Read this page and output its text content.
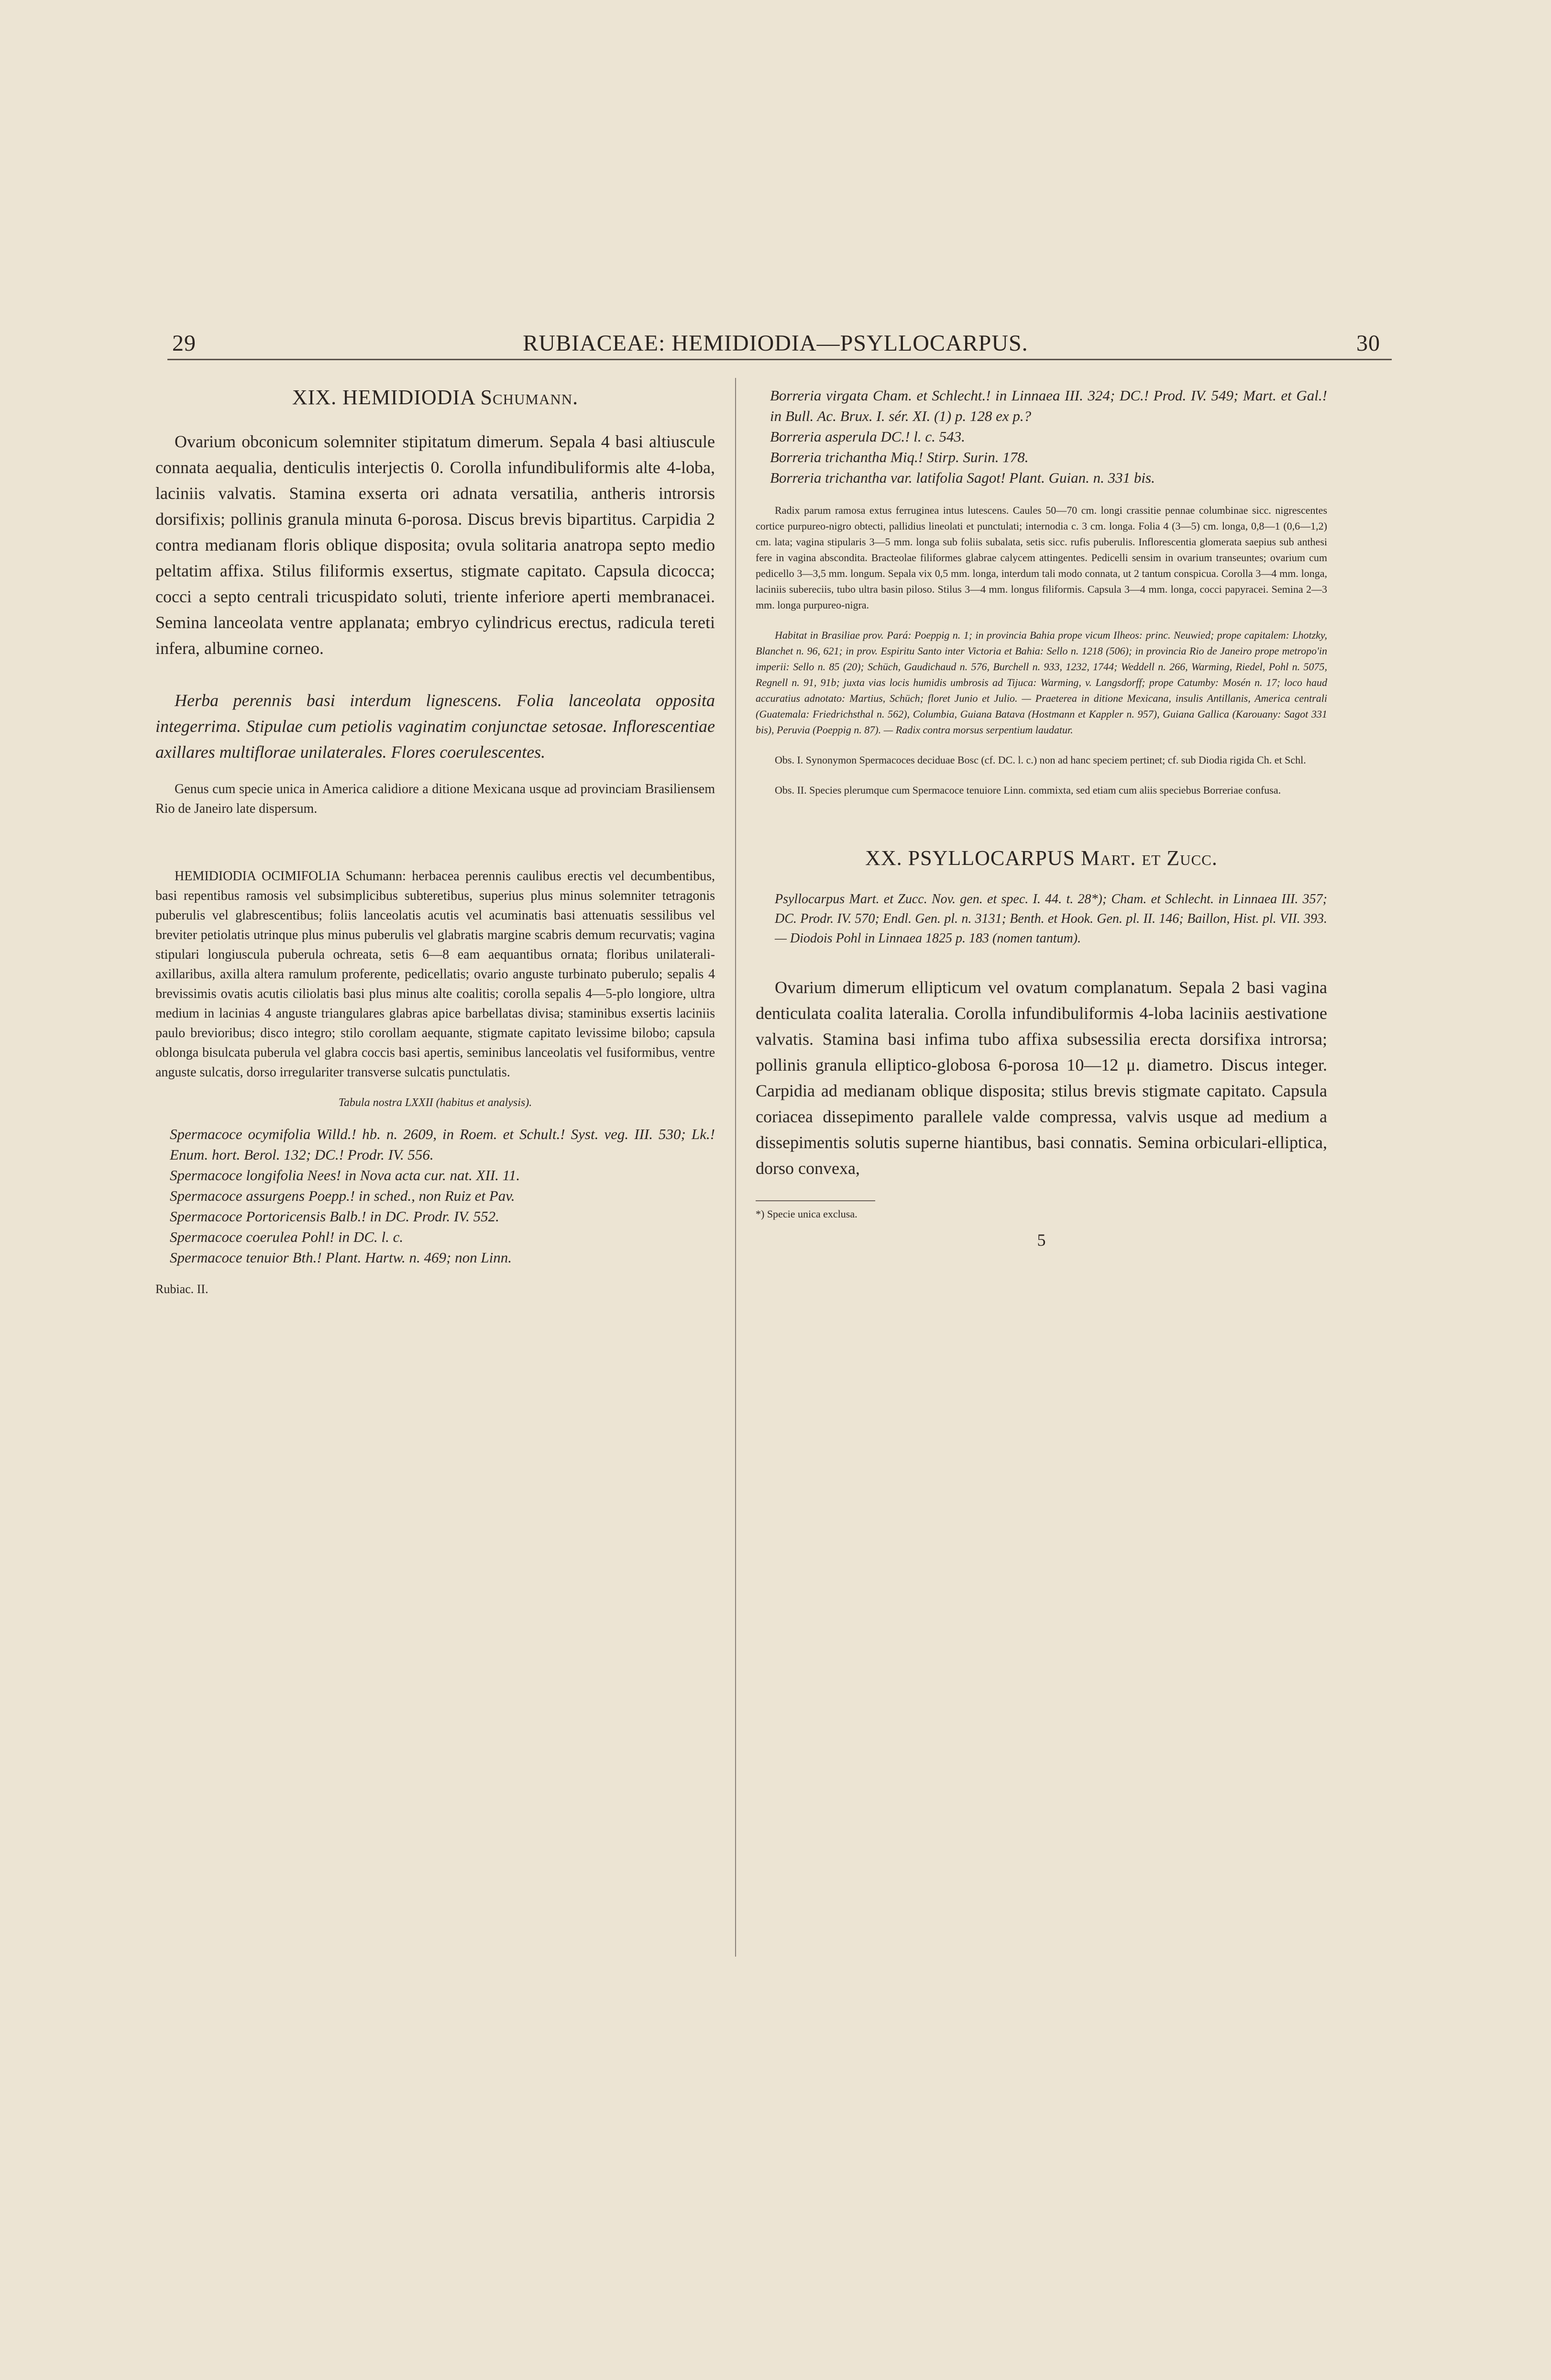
29	RUBIACEAE: HEMIDIODIA—PSYLLOCARPUS.	30
XIX. HEMIDIODIA Schumann.

Ovarium obconicum solemniter stipitatum dimerum. Sepala 4 basi altiuscule connata aequalia, denticulis interjectis 0. Corolla infundibuliformis alte 4-loba, laciniis valvatis. Stamina exserta ori adnata versatilia, antheris introrsis dorsifixis; pollinis granula minuta 6-porosa. Discus brevis bipartitus. Carpidia 2 contra medianam floris oblique disposita; ovula solitaria anatropa septo medio peltatim affixa. Stilus filiformis exsertus, stigmate capitato. Capsula dicocca; cocci a septo centrali tricuspidato soluti, triente inferiore aperti membranacei. Semina lanceolata ventre applanata; embryo cylindricus erectus, radicula tereti infera, albumine corneo.

Herba perennis basi interdum lignescens. Folia lanceolata opposita integerrima. Stipulae cum petiolis vaginatim conjunctae setosae. Inflorescentiae axillares multiflorae unilaterales. Flores coerulescentes.

Genus cum specie unica in America calidiore a ditione Mexicana usque ad provinciam Brasiliensem Rio de Janeiro late dispersum.

HEMIDIODIA OCIMIFOLIA Schumann: herbacea perennis caulibus erectis vel decumbentibus, basi repentibus ramosis vel subsimplicibus subteretibus, superius plus minus solemniter tetragonis puberulis vel glabrescentibus; foliis lanceolatis acutis vel acuminatis basi attenuatis sessilibus vel breviter petiolatis utrinque plus minus puberulis vel glabratis margine scabris demum recurvatis; vagina stipulari longiuscula puberula ochreata, setis 6—8 eam aequantibus ornata; floribus unilaterali-axillaribus, axilla altera ramulum proferente, pedicellatis; ovario anguste turbinato puberulo; sepalis 4 brevissimis ovatis acutis ciliolatis basi plus minus alte coalitis; corolla sepalis 4—5-plo longiore, ultra medium in lacinias 4 anguste triangulares glabras apice barbellatas divisa; staminibus exsertis laciniis paulo brevioribus; disco integro; stilo corollam aequante, stigmate capitato levissime bilobo; capsula oblonga bisulcata puberula vel glabra coccis basi apertis, seminibus lanceolatis vel fusiformibus, ventre anguste sulcatis, dorso irregulariter transverse sulcatis punctulatis.

Tabula nostra LXXII (habitus et analysis).

Spermacoce ocymifolia Willd.! hb. n. 2609, in Roem. et Schult.! Syst. veg. III. 530; Lk.! Enum. hort. Berol. 132; DC.! Prodr. IV. 556.

Spermacoce longifolia Nees! in Nova acta cur. nat. XII. 11.

Spermacoce assurgens Poepp.! in sched., non Ruiz et Pav.

Spermacoce Portoricensis Balb.! in DC. Prodr. IV. 552.

Spermacoce coerulea Pohl! in DC. l. c.

Spermacoce tenuior Bth.! Plant. Hartw. n. 469; non Linn.

Rubiac. II.

Borreria virgata Cham. et Schlecht.! in Linnaea III. 324; DC.! Prod. IV. 549; Mart. et Gal.! in Bull. Ac. Brux. I. sér. XI. (1) p. 128 ex p.?

Borreria asperula DC.! l. c. 543.

Borreria trichantha Miq.! Stirp. Surin. 178.

Borreria trichantha var. latifolia Sagot! Plant. Guian. n. 331 bis.

Radix parum ramosa extus ferruginea intus lutescens. Caules 50—70 cm. longi crassitie pennae columbinae sicc. nigrescentes cortice purpureo-nigro obtecti, pallidius lineolati et punctulati; internodia c. 3 cm. longa. Folia 4 (3—5) cm. longa, 0,8—1 (0,6—1,2) cm. lata; vagina stipularis 3—5 mm. longa sub foliis subalata, setis sicc. rufis puberulis. Inflorescentia glomerata saepius sub anthesi fere in vagina abscondita. Bracteolae filiformes glabrae calycem attingentes. Pedicelli sensim in ovarium transeuntes; ovarium cum pedicello 3—3,5 mm. longum. Sepala vix 0,5 mm. longa, interdum tali modo connata, ut 2 tantum conspicua. Corolla 3—4 mm. longa, laciniis subereciis, tubo ultra basin piloso. Stilus 3—4 mm. longus filiformis. Capsula 3—4 mm. longa, cocci papyracei. Semina 2—3 mm. longa purpureo-nigra.

Habitat in Brasiliae prov. Pará: Poeppig n. 1; in provincia Bahia prope vicum Ilheos: princ. Neuwied; prope capitalem: Lhotzky, Blanchet n. 96, 621; in prov. Espiritu Santo inter Victoria et Bahia: Sello n. 1218 (506); in provincia Rio de Janeiro prope metropo'in imperii: Sello n. 85 (20); Schüch, Gaudichaud n. 576, Burchell n. 933, 1232, 1744; Weddell n. 266, Warming, Riedel, Pohl n. 5075, Regnell n. 91, 91b; juxta vias locis humidis umbrosis ad Tijuca: Warming, v. Langsdorff; prope Catumby: Mosén n. 17; loco haud accuratius adnotato: Martius, Schüch; floret Junio et Julio. — Praeterea in ditione Mexicana, insulis Antillanis, America centrali (Guatemala: Friedrichsthal n. 562), Columbia, Guiana Batava (Hostmann et Kappler n. 957), Guiana Gallica (Karouany: Sagot 331 bis), Peruvia (Poeppig n. 87). — Radix contra morsus serpentium laudatur.

Obs. I. Synonymon Spermacoces deciduae Bosc (cf. DC. l. c.) non ad hanc speciem pertinet; cf. sub Diodia rigida Ch. et Schl.

Obs. II. Species plerumque cum Spermacoce tenuiore Linn. commixta, sed etiam cum aliis speciebus Borreriae confusa.

XX. PSYLLOCARPUS Mart. et Zucc.

Psyllocarpus Mart. et Zucc. Nov. gen. et spec. I. 44. t. 28*); Cham. et Schlecht. in Linnaea III. 357; DC. Prodr. IV. 570; Endl. Gen. pl. n. 3131; Benth. et Hook. Gen. pl. II. 146; Baillon, Hist. pl. VII. 393. — Diodois Pohl in Linnaea 1825 p. 183 (nomen tantum).

Ovarium dimerum ellipticum vel ovatum complanatum. Sepala 2 basi vagina denticulata coalita lateralia. Corolla infundibuliformis 4-loba laciniis aestivatione valvatis. Stamina basi infima tubo affixa subsessilia erecta dorsifixa introrsa; pollinis granula elliptico-globosa 6-porosa 10—12 μ. diametro. Discus integer. Carpidia ad medianam oblique disposita; stilus brevis stigmate capitato. Capsula coriacea dissepimento parallele valde compressa, valvis usque ad medium a dissepimentis solutis superne hiantibus, basi connatis. Semina orbiculari-elliptica, dorso convexa,

*) Specie unica exclusa.
5
